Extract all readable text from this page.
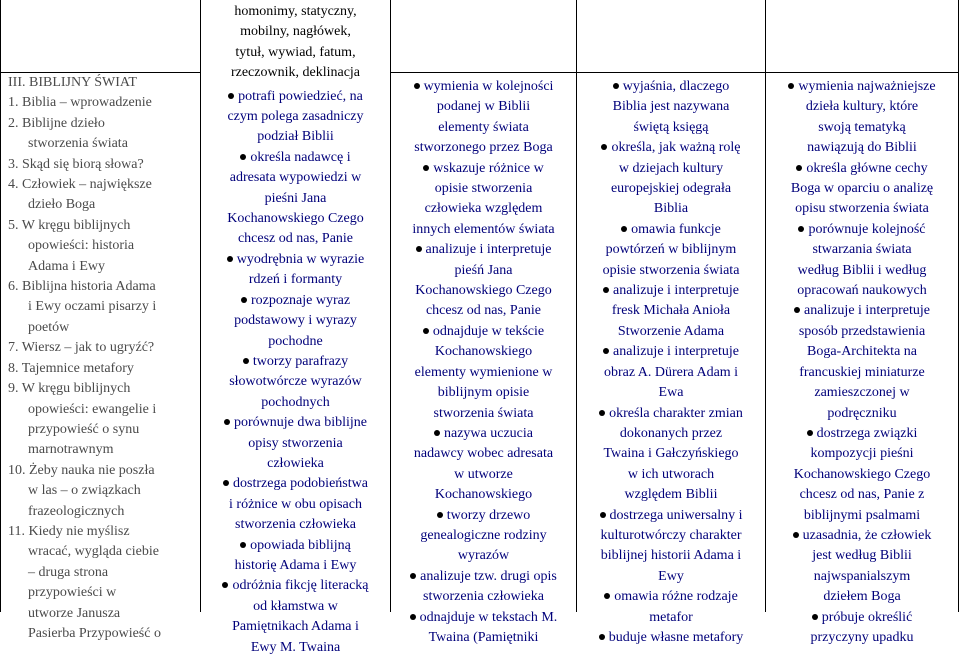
III. BIBLIJNY ŚWIAT
1. Biblia – wprowadzenie
2. Biblijne dzieło
stworzenia świata
3. Skąd się biorą słowa?
4. Człowiek – największe
dzieło Boga
5. W kręgu biblijnych
opowieści: historia
Adama i Ewy
6. Biblijna historia Adama
i Ewy oczami pisarzy i
poetów
7. Wiersz – jak to ugryźć?
8. Tajemnice metafory
9. W kręgu biblijnych
opowieści: ewangelie i
przypowieść o synu
marnotrawnym
10. Żeby nauka nie poszła
w las – o związkach
frazeologicznych
11. Kiedy nie myślisz
wracać, wygląda ciebie
– druga strona
przypowieści w
utworze Janusza
Pasierba Przypowieść o
homonimy, statyczny,
mobilny, nagłówek,
tytuł, wywiad, fatum,
rzeczownik, deklinacja
potrafi powiedzieć, na
czym polega zasadniczy
podział Biblii
określa nadawcę i
adresata wypowiedzi w
pieśni Jana
Kochanowskiego Czego
chcesz od nas, Panie
wyodrębnia w wyrazie
rdzeń i formanty
rozpoznaje wyraz
podstawowy i wyrazy
pochodne
tworzy parafrazy
słowotwórcze wyrazów
pochodnych
porównuje dwa biblijne
opisy stworzenia
człowieka
dostrzega podobieństwa
i różnice w obu opisach
stworzenia człowieka
opowiada biblijną
historię Adama i Ewy
odróżnia fikcję literacką
od kłamstwa w
Pamiętnikach Adama i
Ewy M. Twaina
wymienia w kolejności
podanej w Biblii
elementy świata
stworzonego przez Boga
wskazuje różnice w
opisie stworzenia
człowieka względem
innych elementów świata
analizuje i interpretuje
pieśń Jana
Kochanowskiego Czego
chcesz od nas, Panie
odnajduje w tekście
Kochanowskiego
elementy wymienione w
biblijnym opisie
stworzenia świata
nazywa uczucia
nadawcy wobec adresata
w utworze
Kochanowskiego
tworzy drzewo
genealogiczne rodziny
wyrazów
analizuje tzw. drugi opis
stworzenia człowieka
odnajduje w tekstach M.
Twaina (Pamiętniki
wyjaśnia, dlaczego
Biblia jest nazywana
świętą księgą
określa, jak ważną rolę
w dziejach kultury
europejskiej odegrała
Biblia
omawia funkcje
powtórzeń w biblijnym
opisie stworzenia świata
analizuje i interpretuje
fresk Michała Anioła
Stworzenie Adama
analizuje i interpretuje
obraz A. Dürera Adam i
Ewa
określa charakter zmian
dokonanych przez
Twaina i Gałczyńskiego
w ich utworach
względem Biblii
dostrzega uniwersalny i
kulturotwórczy charakter
biblijnej historii Adama i
Ewy
omawia różne rodzaje
metafor
buduje własne metafory
wymienia najważniejsze
dzieła kultury, które
swoją tematyką
nawiązują do Biblii
określa główne cechy
Boga w oparciu o analizę
opisu stworzenia świata
porównuje kolejność
stwarzania świata
według Biblii i według
opracowań naukowych
analizuje i interpretuje
sposób przedstawienia
Boga-Architekta na
francuskiej miniaturze
zamieszczonej w
podręczniku
dostrzega związki
kompozycji pieśni
Kochanowskiego Czego
chcesz od nas, Panie z
biblijnymi psalmami
uzasadnia, że człowiek
jest według Biblii
najwspanialszym
dziełem Boga
próbuje określić
przyczyny upadku
